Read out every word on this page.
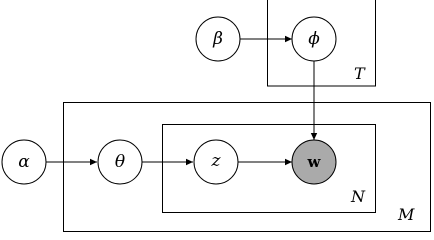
T
M
N
β	ϕ
α	θ	z	w
